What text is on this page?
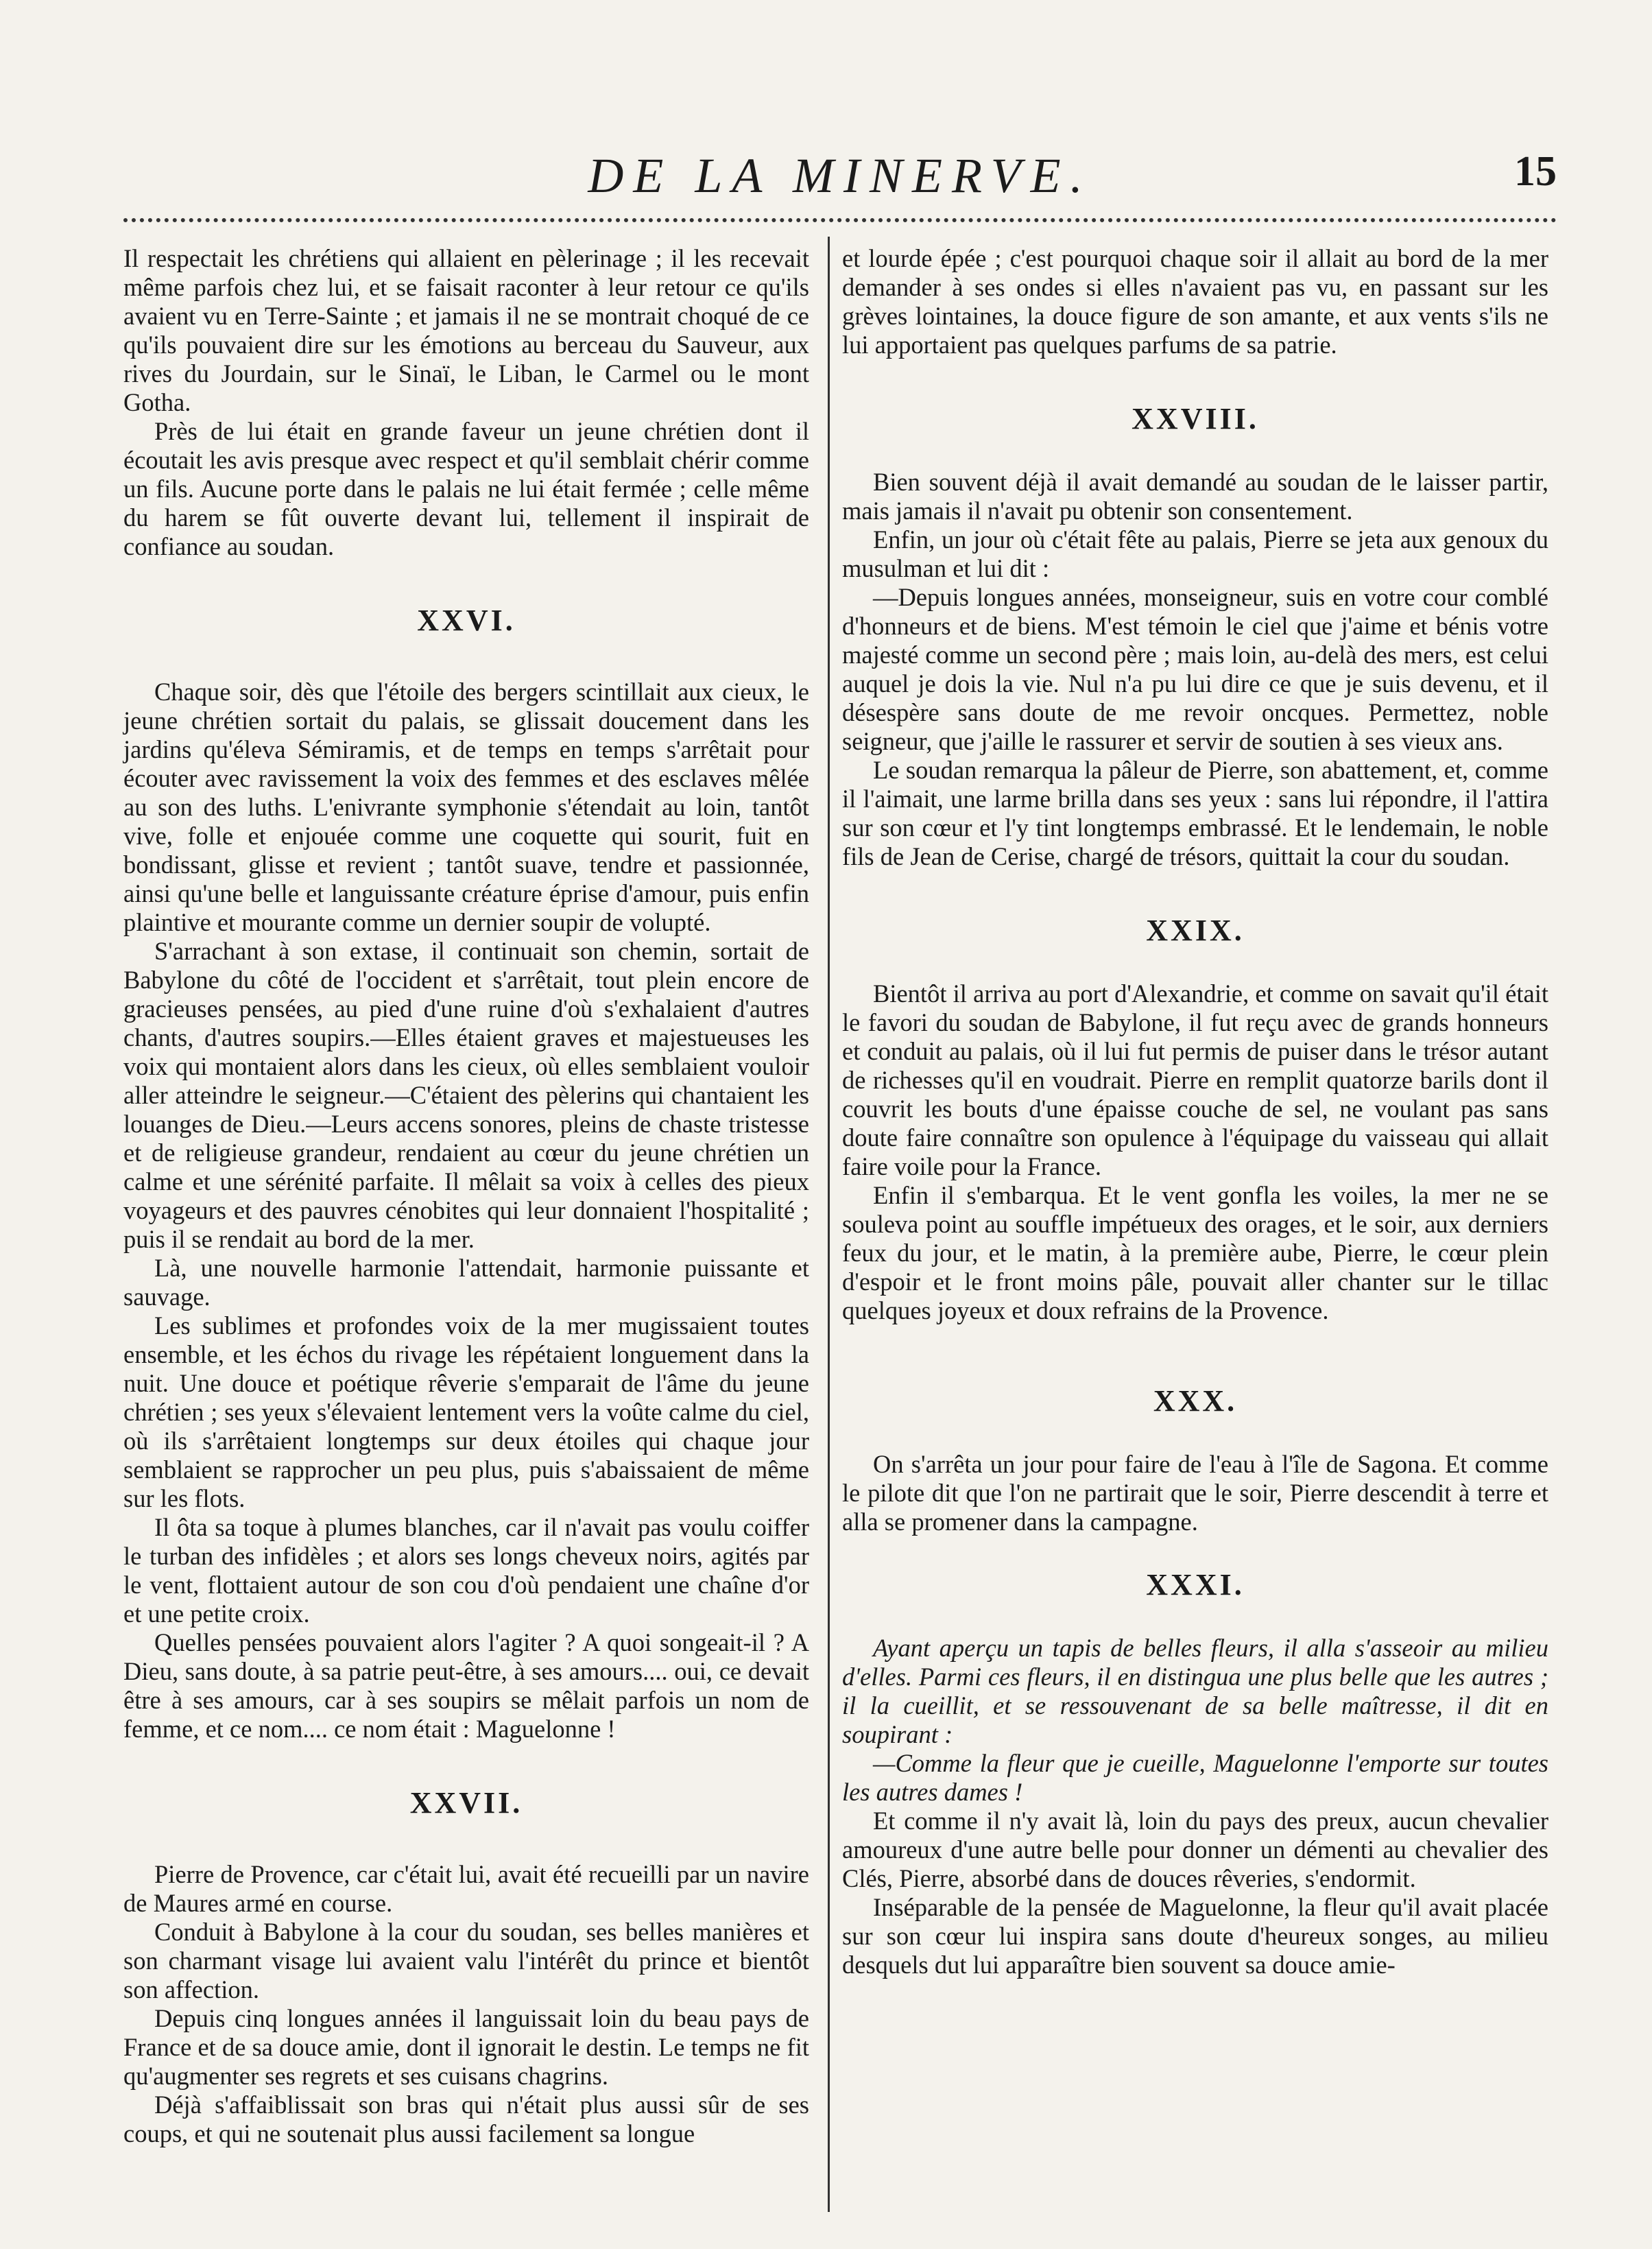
DE LA MINERVE.	15

Il respectait les chrétiens qui allaient en pèlerinage ; il les recevait même parfois chez lui, et se faisait raconter à leur retour ce qu'ils avaient vu en Terre-Sainte ; et jamais il ne se montrait choqué de ce qu'ils pouvaient dire sur les émotions au berceau du Sauveur, aux rives du Jourdain, sur le Sinaï, le Liban, le Carmel ou le mont Gotha.

Près de lui était en grande faveur un jeune chrétien dont il écoutait les avis presque avec respect et qu'il semblait chérir comme un fils. Aucune porte dans le palais ne lui était fermée ; celle même du harem se fût ouverte devant lui, tellement il inspirait de confiance au soudan.

XXVI.

Chaque soir, dès que l'étoile des bergers scintillait aux cieux, le jeune chrétien sortait du palais, se glissait doucement dans les jardins qu'éleva Sémiramis, et de temps en temps s'arrêtait pour écouter avec ravissement la voix des femmes et des esclaves mêlée au son des luths. L'enivrante symphonie s'étendait au loin, tantôt vive, folle et enjouée comme une coquette qui sourit, fuit en bondissant, glisse et revient ; tantôt suave, tendre et passionnée, ainsi qu'une belle et languissante créature éprise d'amour, puis enfin plaintive et mourante comme un dernier soupir de volupté.

S'arrachant à son extase, il continuait son chemin, sortait de Babylone du côté de l'occident et s'arrêtait, tout plein encore de gracieuses pensées, au pied d'une ruine d'où s'exhalaient d'autres chants, d'autres soupirs.—Elles étaient graves et majestueuses les voix qui montaient alors dans les cieux, où elles semblaient vouloir aller atteindre le seigneur.—C'étaient des pèlerins qui chantaient les louanges de Dieu.—Leurs accens sonores, pleins de chaste tristesse et de religieuse grandeur, rendaient au cœur du jeune chrétien un calme et une sérénité parfaite. Il mêlait sa voix à celles des pieux voyageurs et des pauvres cénobites qui leur donnaient l'hospitalité ; puis il se rendait au bord de la mer.

Là, une nouvelle harmonie l'attendait, harmonie puissante et sauvage.

Les sublimes et profondes voix de la mer mugissaient toutes ensemble, et les échos du rivage les répétaient longuement dans la nuit. Une douce et poétique rêverie s'emparait de l'âme du jeune chrétien ; ses yeux s'élevaient lentement vers la voûte calme du ciel, où ils s'arrêtaient longtemps sur deux étoiles qui chaque jour semblaient se rapprocher un peu plus, puis s'abaissaient de même sur les flots.

Il ôta sa toque à plumes blanches, car il n'avait pas voulu coiffer le turban des infidèles ; et alors ses longs cheveux noirs, agités par le vent, flottaient autour de son cou d'où pendaient une chaîne d'or et une petite croix.

Quelles pensées pouvaient alors l'agiter ? A quoi songeait-il ? A Dieu, sans doute, à sa patrie peut-être, à ses amours.... oui, ce devait être à ses amours, car à ses soupirs se mêlait parfois un nom de femme, et ce nom.... ce nom était : Maguelonne !

XXVII.

Pierre de Provence, car c'était lui, avait été recueilli par un navire de Maures armé en course.

Conduit à Babylone à la cour du soudan, ses belles manières et son charmant visage lui avaient valu l'intérêt du prince et bientôt son affection.

Depuis cinq longues années il languissait loin du beau pays de France et de sa douce amie, dont il ignorait le destin. Le temps ne fit qu'augmenter ses regrets et ses cuisans chagrins.

Déjà s'affaiblissait son bras qui n'était plus aussi sûr de ses coups, et qui ne soutenait plus aussi facilement sa longue

et lourde épée ; c'est pourquoi chaque soir il allait au bord de la mer demander à ses ondes si elles n'avaient pas vu, en passant sur les grèves lointaines, la douce figure de son amante, et aux vents s'ils ne lui apportaient pas quelques parfums de sa patrie.

XXVIII.

Bien souvent déjà il avait demandé au soudan de le laisser partir, mais jamais il n'avait pu obtenir son consentement.

Enfin, un jour où c'était fête au palais, Pierre se jeta aux genoux du musulman et lui dit :

—Depuis longues années, monseigneur, suis en votre cour comblé d'honneurs et de biens. M'est témoin le ciel que j'aime et bénis votre majesté comme un second père ; mais loin, au-delà des mers, est celui auquel je dois la vie. Nul n'a pu lui dire ce que je suis devenu, et il désespère sans doute de me revoir oncques. Permettez, noble seigneur, que j'aille le rassurer et servir de soutien à ses vieux ans.

Le soudan remarqua la pâleur de Pierre, son abattement, et, comme il l'aimait, une larme brilla dans ses yeux : sans lui répondre, il l'attira sur son cœur et l'y tint longtemps embrassé. Et le lendemain, le noble fils de Jean de Cerise, chargé de trésors, quittait la cour du soudan.

XXIX.

Bientôt il arriva au port d'Alexandrie, et comme on savait qu'il était le favori du soudan de Babylone, il fut reçu avec de grands honneurs et conduit au palais, où il lui fut permis de puiser dans le trésor autant de richesses qu'il en voudrait. Pierre en remplit quatorze barils dont il couvrit les bouts d'une épaisse couche de sel, ne voulant pas sans doute faire connaître son opulence à l'équipage du vaisseau qui allait faire voile pour la France.

Enfin il s'embarqua. Et le vent gonfla les voiles, la mer ne se souleva point au souffle impétueux des orages, et le soir, aux derniers feux du jour, et le matin, à la première aube, Pierre, le cœur plein d'espoir et le front moins pâle, pouvait aller chanter sur le tillac quelques joyeux et doux refrains de la Provence.

XXX.

On s'arrêta un jour pour faire de l'eau à l'île de Sagona. Et comme le pilote dit que l'on ne partirait que le soir, Pierre descendit à terre et alla se promener dans la campagne.

XXXI.

Ayant aperçu un tapis de belles fleurs, il alla s'asseoir au milieu d'elles. Parmi ces fleurs, il en distingua une plus belle que les autres ; il la cueillit, et se ressouvenant de sa belle maîtresse, il dit en soupirant :

—Comme la fleur que je cueille, Maguelonne l'emporte sur toutes les autres dames !

Et comme il n'y avait là, loin du pays des preux, aucun chevalier amoureux d'une autre belle pour donner un démenti au chevalier des Clés, Pierre, absorbé dans de douces rêveries, s'endormit.

Inséparable de la pensée de Maguelonne, la fleur qu'il avait placée sur son cœur lui inspira sans doute d'heureux songes, au milieu desquels dut lui apparaître bien souvent sa douce amie-
